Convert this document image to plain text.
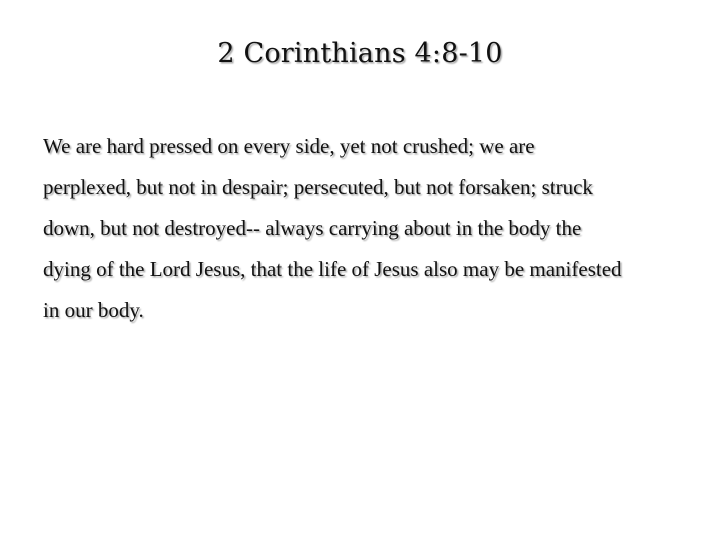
2 Corinthians 4:8-10

We are hard pressed on every side, yet not crushed; we are
perplexed, but not in despair; persecuted, but not forsaken; struck
down, but not destroyed-- always carrying about in the body the
dying of the Lord Jesus, that the life of Jesus also may be manifested
in our body.
